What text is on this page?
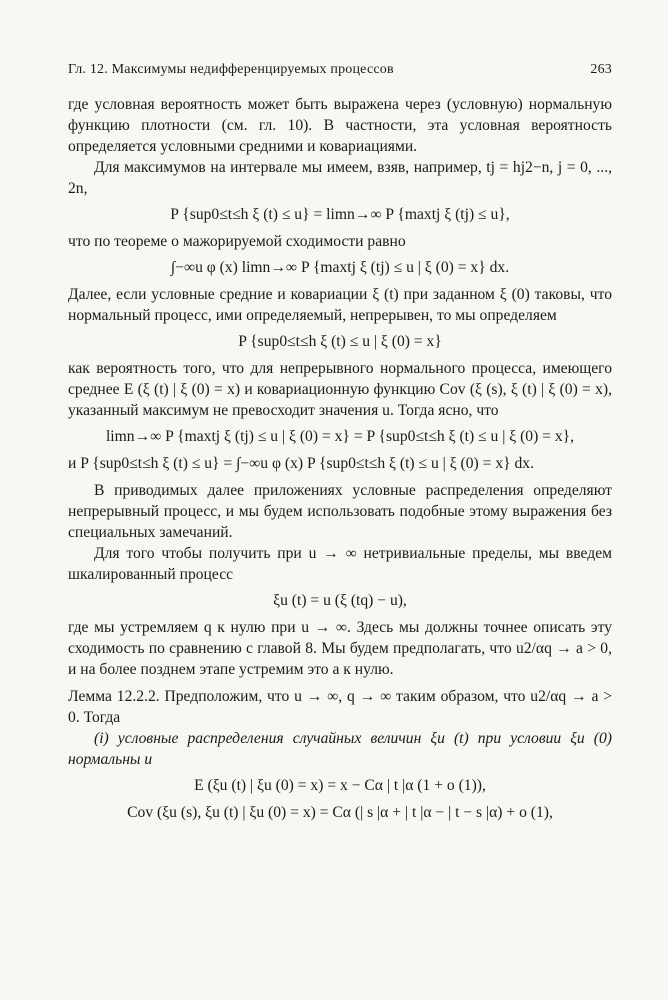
Гл. 12. Максимумы недифференцируемых процессов	263

где условная вероятность может быть выражена через (условную) нормальную функцию плотности (см. гл. 10). В частности, эта условная вероятность определяется условными средними и ковариациями.

Для максимумов на интервале мы имеем, взяв, например, tj = hj2−n, j = 0, ..., 2n,

P {sup0≤t≤h ξ (t) ≤ u} = limn→∞ P {maxtj ξ (tj) ≤ u},

что по теореме о мажорируемой сходимости равно

∫−∞u φ (x) limn→∞ P {maxtj ξ (tj) ≤ u | ξ (0) = x} dx.

Далее, если условные средние и ковариации ξ (t) при заданном ξ (0) таковы, что нормальный процесс, ими определяемый, непрерывен, то мы определяем

P {sup0≤t≤h ξ (t) ≤ u | ξ (0) = x}

как вероятность того, что для непрерывного нормального процесса, имеющего среднее E (ξ (t) | ξ (0) = x) и ковариационную функцию Cov (ξ (s), ξ (t) | ξ (0) = x), указанный максимум не превосходит значения u. Тогда ясно, что

limn→∞ P {maxtj ξ (tj) ≤ u | ξ (0) = x} = P {sup0≤t≤h ξ (t) ≤ u | ξ (0) = x},
и P {sup0≤t≤h ξ (t) ≤ u} = ∫−∞u φ (x) P {sup0≤t≤h ξ (t) ≤ u | ξ (0) = x} dx.

В приводимых далее приложениях условные распределения определяют непрерывный процесс, и мы будем использовать подобные этому выражения без специальных замечаний.

Для того чтобы получить при u → ∞ нетривиальные пределы, мы введем шкалированный процесс

ξu (t) = u (ξ (tq) − u),

где мы устремляем q к нулю при u → ∞. Здесь мы должны точнее описать эту сходимость по сравнению с главой 8. Мы будем предполагать, что u2/αq → a > 0, и на более позднем этапе устремим это a к нулю.

Лемма 12.2.2. Предположим, что u → ∞, q → ∞ таким образом, что u2/αq → a > 0. Тогда

(i) условные распределения случайных величин ξu (t) при условии ξu (0) нормальны и

E (ξu (t) | ξu (0) = x) = x − Cα | t |α (1 + o (1)),
Cov (ξu (s), ξu (t) | ξu (0) = x) = Cα (| s |α + | t |α − | t − s |α) + o (1),
